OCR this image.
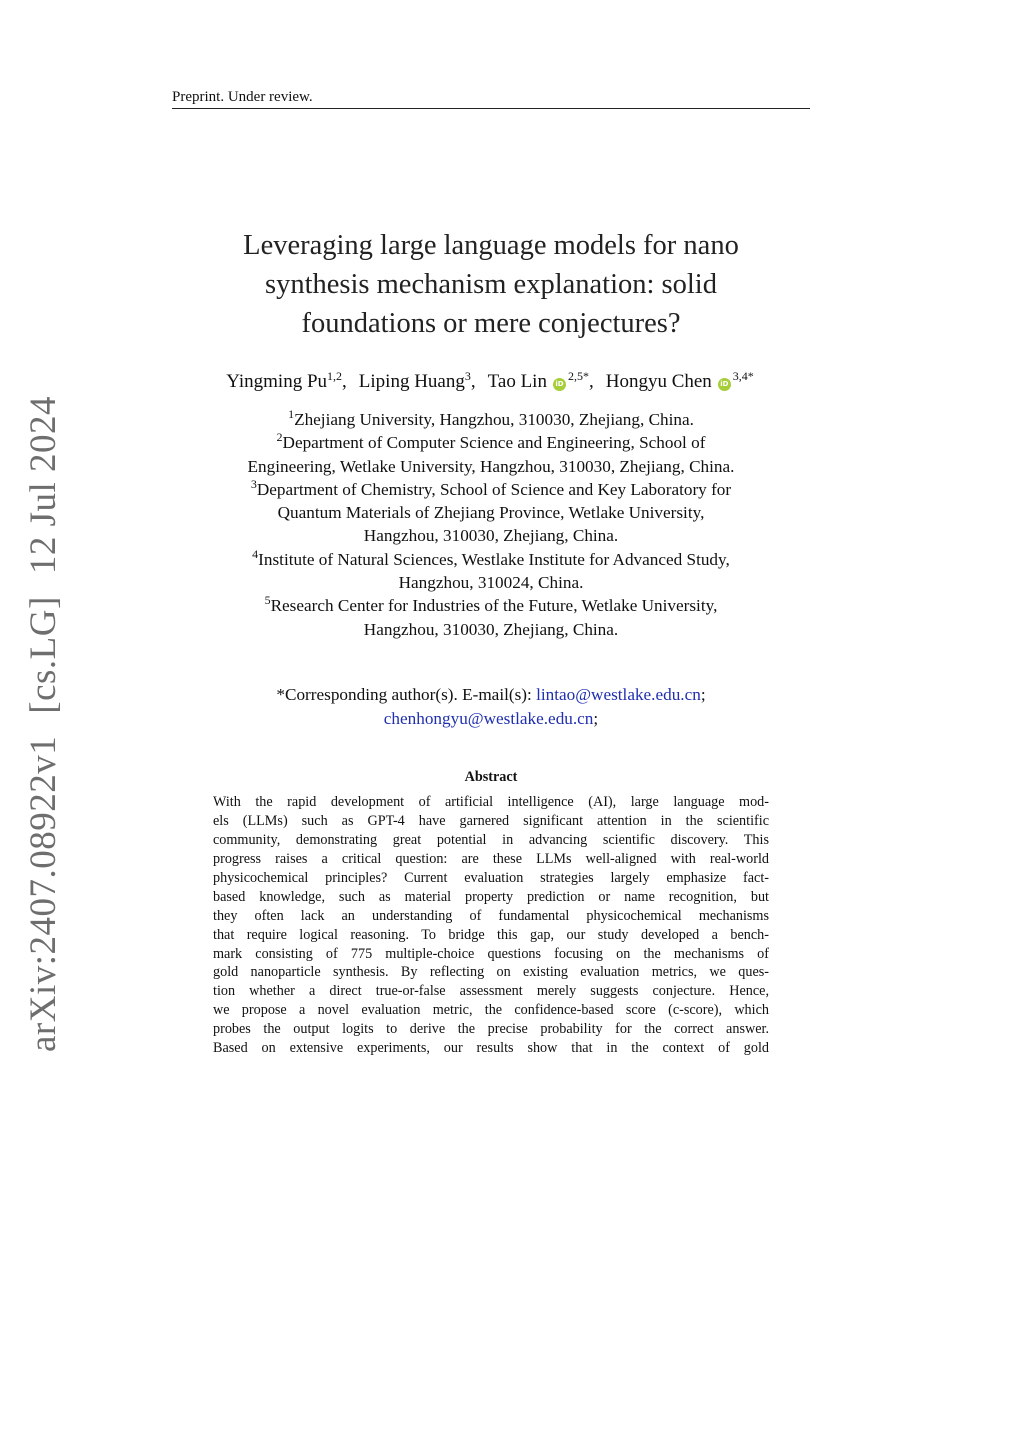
Preprint. Under review.
arXiv:2407.08922v1[cs.LG]12 Jul 2024
Leveraging large language models for nano
synthesis mechanism explanation: solid
foundations or mere conjectures?
Yingming Pu$^{1,2}$, Liping Huang$^3$, Tao Lin $iD^{2,5*}$, Hongyu Chen $iD^{3,4*}$
$^1$Zhejiang University, Hangzhou, 310030, Zhejiang, China.
$^2$Department of Computer Science and Engineering, School of
Engineering, Wetlake University, Hangzhou, 310030, Zhejiang, China.
$^3$Department of Chemistry, School of Science and Key Laboratory for
Quantum Materials of Zhejiang Province, Wetlake University,
Hangzhou, 310030, Zhejiang, China.
$^4$Institute of Natural Sciences, Westlake Institute for Advanced Study,
Hangzhou, 310024, China.
$^5$Research Center for Industries of the Future, Wetlake University,
Hangzhou, 310030, Zhejiang, China.
*Corresponding author(s). E-mail(s): lintao@westlake.edu.cn;
chenhongyu@westlake.edu.cn;
Abstract
With the rapid development of artificial intelligence (AI), large language mod-
els (LLMs) such as GPT-4 have garnered significant attention in the scientific
community, demonstrating great potential in advancing scientific discovery. This
progress raises a critical question: are these LLMs well-aligned with real-world
physicochemical principles? Current evaluation strategies largely emphasize fact-
based knowledge, such as material property prediction or name recognition, but
they often lack an understanding of fundamental physicochemical mechanisms
that require logical reasoning. To bridge this gap, our study developed a bench-
mark consisting of 775 multiple-choice questions focusing on the mechanisms of
gold nanoparticle synthesis. By reflecting on existing evaluation metrics, we ques-
tion whether a direct true-or-false assessment merely suggests conjecture. Hence,
we propose a novel evaluation metric, the confidence-based score (c-score), which
probes the output logits to derive the precise probability for the correct answer.
Based on extensive experiments, our results show that in the context of gold
